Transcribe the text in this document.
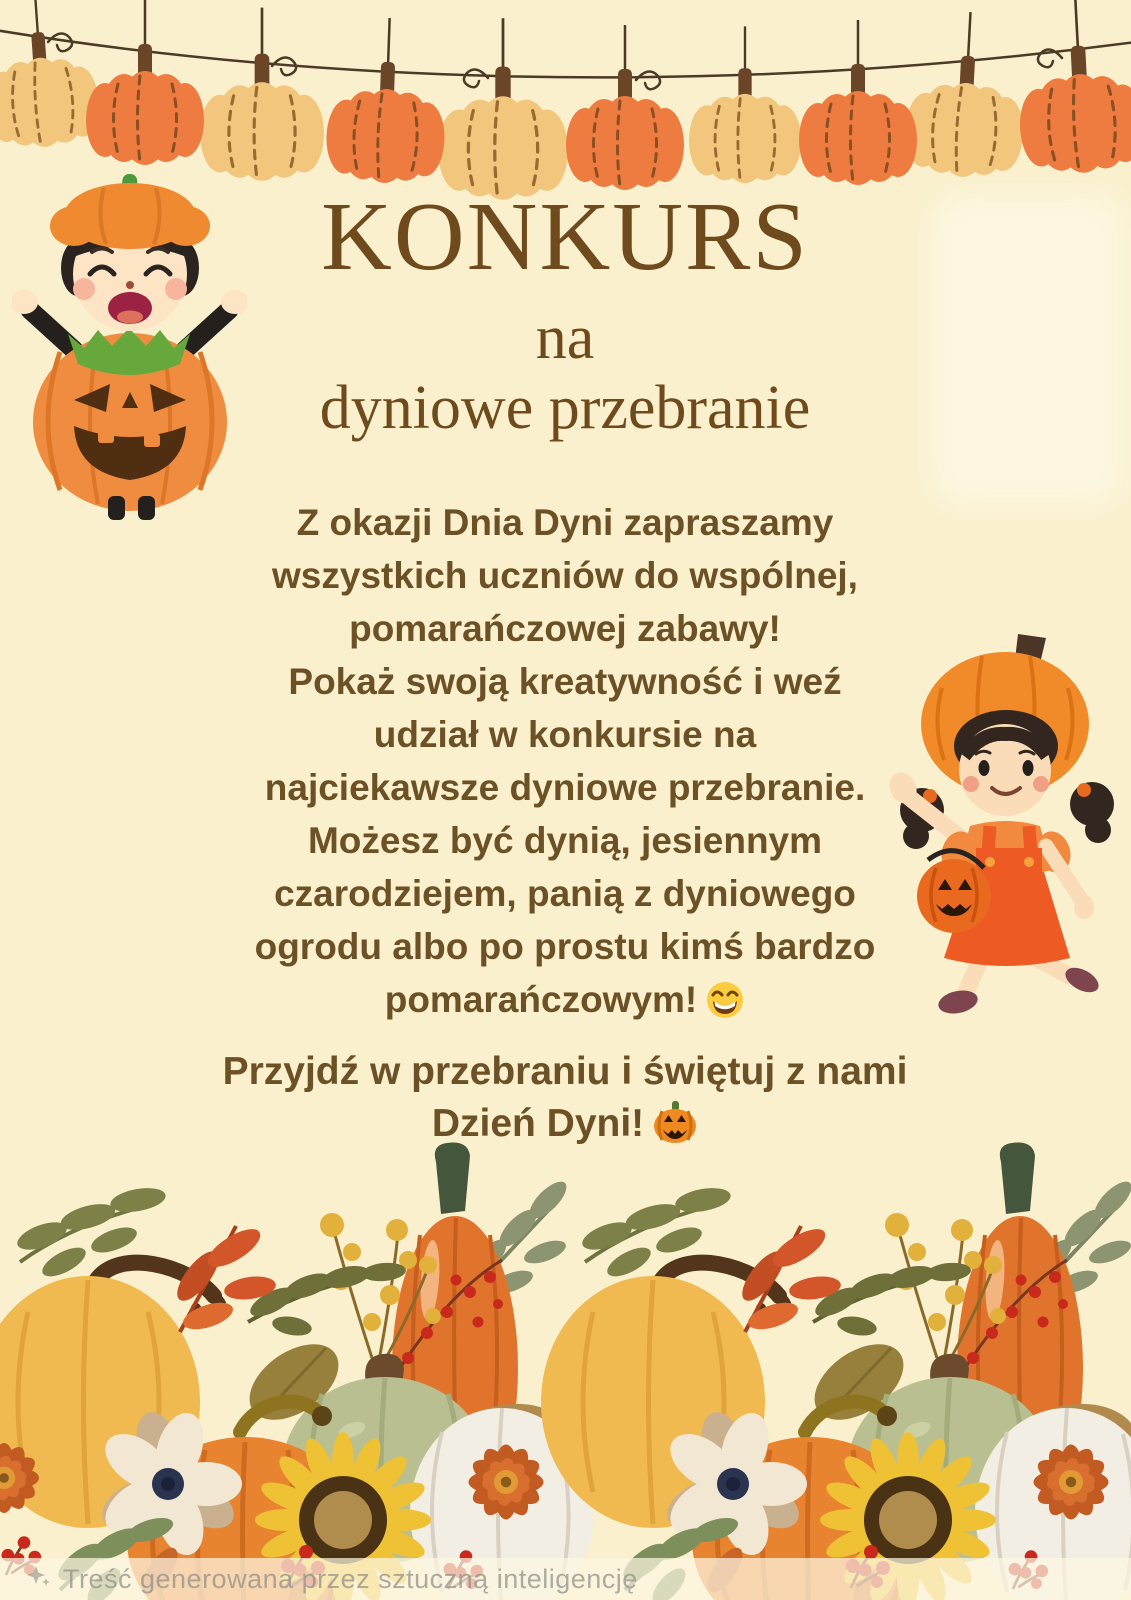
KONKURS
na
dyniowe przebranie
Z okazji Dnia Dyni zapraszamy
wszystkich uczniów do wspólnej,
pomarańczowej zabawy!
Pokaż swoją kreatywność i weź
udział w konkursie na
najciekawsze dyniowe przebranie.
Możesz być dynią, jesiennym
czarodziejem, panią z dyniowego
ogrodu albo po prostu kimś bardzo
pomarańczowym!
Przyjdź w przebraniu i świętuj z nami
Dzień Dyni!
Treść generowana przez sztuczną inteligencję
